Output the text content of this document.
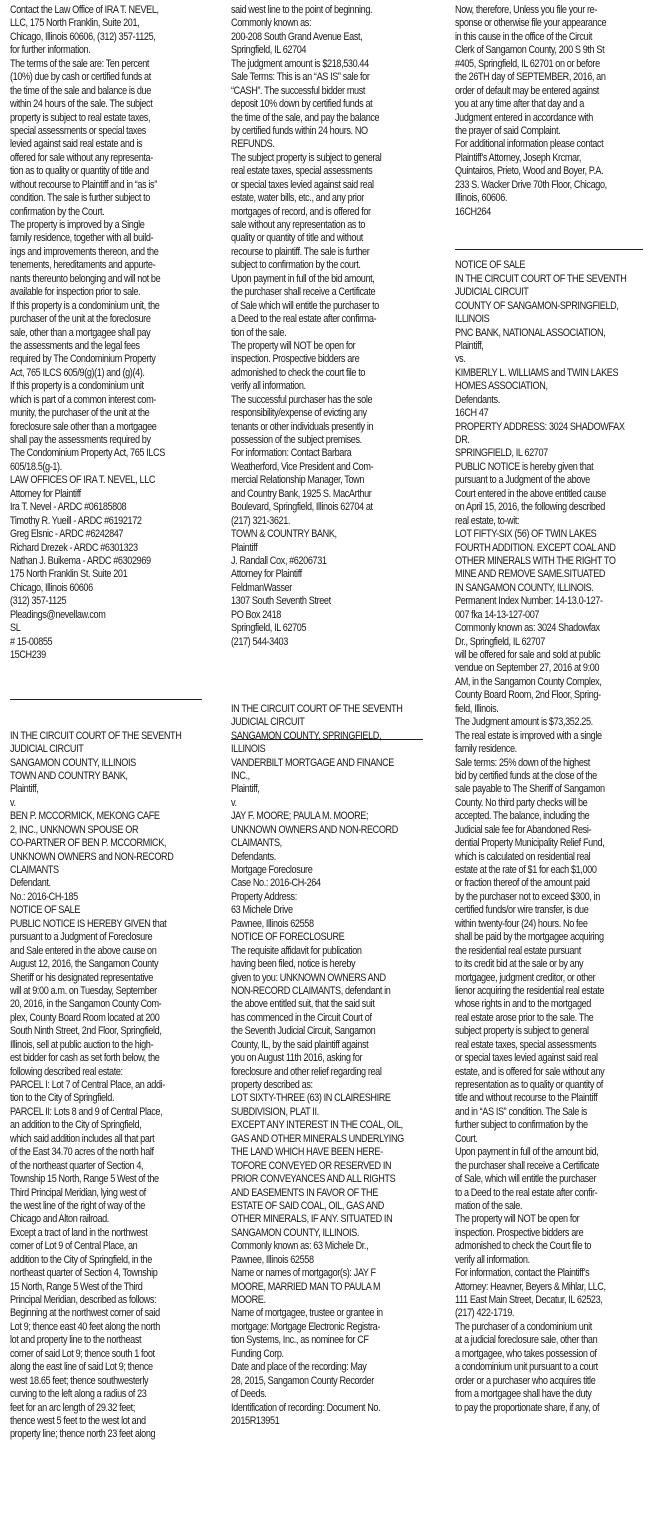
Contact the Law Office of IRA T. NEVEL,
LLC, 175 North Franklin, Suite 201,
Chicago, Illinois 60606, (312) 357-1125,
for further information.
The terms of the sale are: Ten percent
(10%) due by cash or certified funds at
the time of the sale and balance is due
within 24 hours of the sale. The subject
property is subject to real estate taxes,
special assessments or special taxes
levied against said real estate and is
offered for sale without any representa-
tion as to quality or quantity of title and
without recourse to Plaintiff and in “as is”
condition. The sale is further subject to
confirmation by the Court.
The property is improved by a Single
family residence, together with all build-
ings and improvements thereon, and the
tenements, hereditaments and appurte-
nants thereunto belonging and will not be
available for inspection prior to sale.
If this property is a condominium unit, the
purchaser of the unit at the foreclosure
sale, other than a mortgagee shall pay
the assessments and the legal fees
required by The Condominium Property
Act, 765 ILCS 605/9(g)(1) and (g)(4).
If this property is a condominium unit
which is part of a common interest com-
munity, the purchaser of the unit at the
foreclosure sale other than a mortgagee
shall pay the assessments required by
The Condominium Property Act, 765 ILCS
605/18.5(g-1).
LAW OFFICES OF IRA T. NEVEL, LLC
Attorney for Plaintiff
Ira T. Nevel - ARDC #06185808
Timothy R. Yueill - ARDC #6192172
Greg Elsnic - ARDC #6242847
Richard Drezek - ARDC #6301323
Nathan J. Buikema - ARDC #6302969
175 North Franklin St. Suite 201
Chicago, Illinois 60606
(312) 357-1125
Pleadings@nevellaw.com
SL
# 15-00855
15CH239
IN THE CIRCUIT COURT OF THE SEVENTH
JUDICIAL CIRCUIT
SANGAMON COUNTY, ILLINOIS
TOWN AND COUNTRY BANK,
Plaintiff,
v.
BEN P. MCCORMICK, MEKONG CAFE
2, INC., UNKNOWN SPOUSE OR
CO-PARTNER OF BEN P. MCCORMICK,
UNKNOWN OWNERS and NON-RECORD
CLAIMANTS
Defendant.
No.: 2016-CH-185
NOTICE OF SALE
PUBLIC NOTICE IS HEREBY GIVEN that
pursuant to a Judgment of Foreclosure
and Sale entered in the above cause on
August 12, 2016, the Sangamon County
Sheriff or his designated representative
will at 9:00 a.m. on Tuesday, September
20, 2016, in the Sangamon County Com-
plex, County Board Room located at 200
South Ninth Street, 2nd Floor, Springfield,
Illinois, sell at public auction to the high-
est bidder for cash as set forth below, the
following described real estate:
PARCEL I: Lot 7 of Central Place, an addi-
tion to the City of Springfield.
PARCEL II: Lots 8 and 9 of Central Place,
an addition to the City of Springfield,
which said addition includes all that part
of the East 34.70 acres of the north half
of the northeast quarter of Section 4,
Township 15 North, Range 5 West of the
Third Principal Meridian, lying west of
the west line of the right of way of the
Chicago and Alton railroad.
Except a tract of land in the northwest
corner of Lot 9 of Central Place, an
addition to the City of Springfield, in the
northeast quarter of Section 4, Township
15 North, Range 5 West of the Third
Principal Meridian, described as follows:
Beginning at the northwest corner of said
Lot 9; thence east 40 feet along the north
lot and property line to the northeast
corner of said Lot 9; thence south 1 foot
along the east line of said Lot 9; thence
west 18.65 feet; thence southwesterly
curving to the left along a radius of 23
feet for an arc length of 29.32 feet;
thence west 5 feet to the west lot and
property line; thence north 23 feet along
said west line to the point of beginning.
Commonly known as:
200-208 South Grand Avenue East,
Springfield, IL 62704
The judgment amount is $218,530.44
Sale Terms: This is an “AS IS” sale for
“CASH”. The successful bidder must
deposit 10% down by certified funds at
the time of the sale, and pay the balance
by certified funds within 24 hours. NO
REFUNDS.
The subject property is subject to general
real estate taxes, special assessments
or special taxes levied against said real
estate, water bills, etc., and any prior
mortgages of record, and is offered for
sale without any representation as to
quality or quantity of title and without
recourse to plaintiff. The sale is further
subject to confirmation by the court.
Upon payment in full of the bid amount,
the purchaser shall receive a Certificate
of Sale which will entitle the purchaser to
a Deed to the real estate after confirma-
tion of the sale.
The property will NOT be open for
inspection. Prospective bidders are
admonished to check the court file to
verify all information.
The successful purchaser has the sole
responsibility/expense of evicting any
tenants or other individuals presently in
possession of the subject premises.
For information: Contact Barbara
Weatherford, Vice President and Com-
mercial Relationship Manager, Town
and Country Bank, 1925 S. MacArthur
Boulevard, Springfield, Illinois 62704 at
(217) 321-3621.
TOWN & COUNTRY BANK,
Plaintiff
J. Randall Cox, #6206731
Attorney for Plaintiff
FeldmanWasser
1307 South Seventh Street
PO Box 2418
Springfield, IL 62705
(217) 544-3403
IN THE CIRCUIT COURT OF THE SEVENTH
JUDICIAL CIRCUIT
SANGAMON COUNTY, SPRINGFIELD,
ILLINOIS
VANDERBILT MORTGAGE AND FINANCE
INC.,
Plaintiff,
v.
JAY F. MOORE; PAULA M. MOORE;
UNKNOWN OWNERS AND NON-RECORD
CLAIMANTS,
Defendants.
Mortgage Foreclosure
Case No.: 2016-CH-264
Property Address:
63 Michele Drive
Pawnee, Illinois 62558
NOTICE OF FORECLOSURE
The requisite affidavit for publication
having been filed, notice is hereby
given to you: UNKNOWN OWNERS AND
NON-RECORD CLAIMANTS, defendant in
the above entitled suit, that the said suit
has commenced in the Circuit Court of
the Seventh Judicial Circuit, Sangamon
County, IL, by the said plaintiff against
you on August 11th 2016, asking for
foreclosure and other relief regarding real
property described as:
LOT SIXTY-THREE (63) IN CLAIRESHIRE
SUBDIVISION, PLAT II.
EXCEPT ANY INTEREST IN THE COAL, OIL,
GAS AND OTHER MINERALS UNDERLYING
THE LAND WHICH HAVE BEEN HERE-
TOFORE CONVEYED OR RESERVED IN
PRIOR CONVEYANCES AND ALL RIGHTS
AND EASEMENTS IN FAVOR OF THE
ESTATE OF SAID COAL, OIL, GAS AND
OTHER MINERALS, IF ANY. SITUATED IN
SANGAMON COUNTY, ILLINOIS.
Commonly known as: 63 Michele Dr.,
Pawnee, Illinois 62558
Name or names of mortgagor(s): JAY F
MOORE, MARRIED MAN TO PAULA M
MOORE.
Name of mortgagee, trustee or grantee in
mortgage: Mortgage Electronic Registra-
tion Systems, Inc., as nominee for CF
Funding Corp.
Date and place of the recording: May
28, 2015, Sangamon County Recorder
of Deeds.
Identification of recording: Document No.
2015R13951
Now, therefore, Unless you file your re-
sponse or otherwise file your appearance
in this cause in the office of the Circuit
Clerk of Sangamon County, 200 S 9th St
#405, Springfield, IL 62701 on or before
the 26TH day of SEPTEMBER, 2016, an
order of default may be entered against
you at any time after that day and a
Judgment entered in accordance with
the prayer of said Complaint.
For additional information please contact
Plaintiff’s Attorney, Joseph Krcmar,
Quintairos, Prieto, Wood and Boyer, P.A.
233 S. Wacker Drive 70th Floor, Chicago,
Illinois, 60606.
16CH264
NOTICE OF SALE
IN THE CIRCUIT COURT OF THE SEVENTH
JUDICIAL CIRCUIT
COUNTY OF SANGAMON-SPRINGFIELD,
ILLINOIS
PNC BANK, NATIONAL ASSOCIATION,
Plaintiff,
vs.
KIMBERLY L. WILLIAMS and TWIN LAKES
HOMES ASSOCIATION,
Defendants.
16CH 47
PROPERTY ADDRESS: 3024 SHADOWFAX
DR.
SPRINGFIELD, IL 62707
PUBLIC NOTICE is hereby given that
pursuant to a Judgment of the above
Court entered in the above entitled cause
on April 15, 2016, the following described
real estate, to-wit:
LOT FIFTY-SIX (56) OF TWIN LAKES
FOURTH ADDITION. EXCEPT COAL AND
OTHER MINERALS WITH THE RIGHT TO
MINE AND REMOVE SAME.SITUATED
IN SANGAMON COUNTY, ILLINOIS.
Permanent Index Number: 14-13.0-127-
007 fka 14-13-127-007
Commonly known as: 3024 Shadowfax
Dr., Springfield, IL 62707
will be offered for sale and sold at public
vendue on September 27, 2016 at 9:00
AM, in the Sangamon County Complex,
County Board Room, 2nd Floor, Spring-
field, Illinois.
The Judgment amount is $73,352.25.
The real estate is improved with a single
family residence.
Sale terms: 25% down of the highest
bid by certified funds at the close of the
sale payable to The Sheriff of Sangamon
County. No third party checks will be
accepted. The balance, including the
Judicial sale fee for Abandoned Resi-
dential Property Municipality Relief Fund,
which is calculated on residential real
estate at the rate of $1 for each $1,000
or fraction thereof of the amount paid
by the purchaser not to exceed $300, in
certified funds/or wire transfer, is due
within twenty-four (24) hours. No fee
shall be paid by the mortgagee acquiring
the residential real estate pursuant
to its credit bid at the sale or by any
mortgagee, judgment creditor, or other
lienor acquiring the residential real estate
whose rights in and to the mortgaged
real estate arose prior to the sale. The
subject property is subject to general
real estate taxes, special assessments
or special taxes levied against said real
estate, and is offered for sale without any
representation as to quality or quantity of
title and without recourse to the Plaintiff
and in “AS IS” condition. The Sale is
further subject to confirmation by the
Court.
Upon payment in full of the amount bid,
the purchaser shall receive a Certificate
of Sale, which will entitle the purchaser
to a Deed to the real estate after confir-
mation of the sale.
The property will NOT be open for
inspection. Prospective bidders are
admonished to check the Court file to
verify all information.
For information, contact the Plaintiff’s
Attorney: Heavner, Beyers & Mihlar, LLC,
111 East Main Street, Decatur, IL 62523,
(217) 422-1719.
The purchaser of a condominium unit
at a judicial foreclosure sale, other than
a mortgagee, who takes possession of
a condominium unit pursuant to a court
order or a purchaser who acquires title
from a mortgagee shall have the duty
to pay the proportionate share, if any, of
